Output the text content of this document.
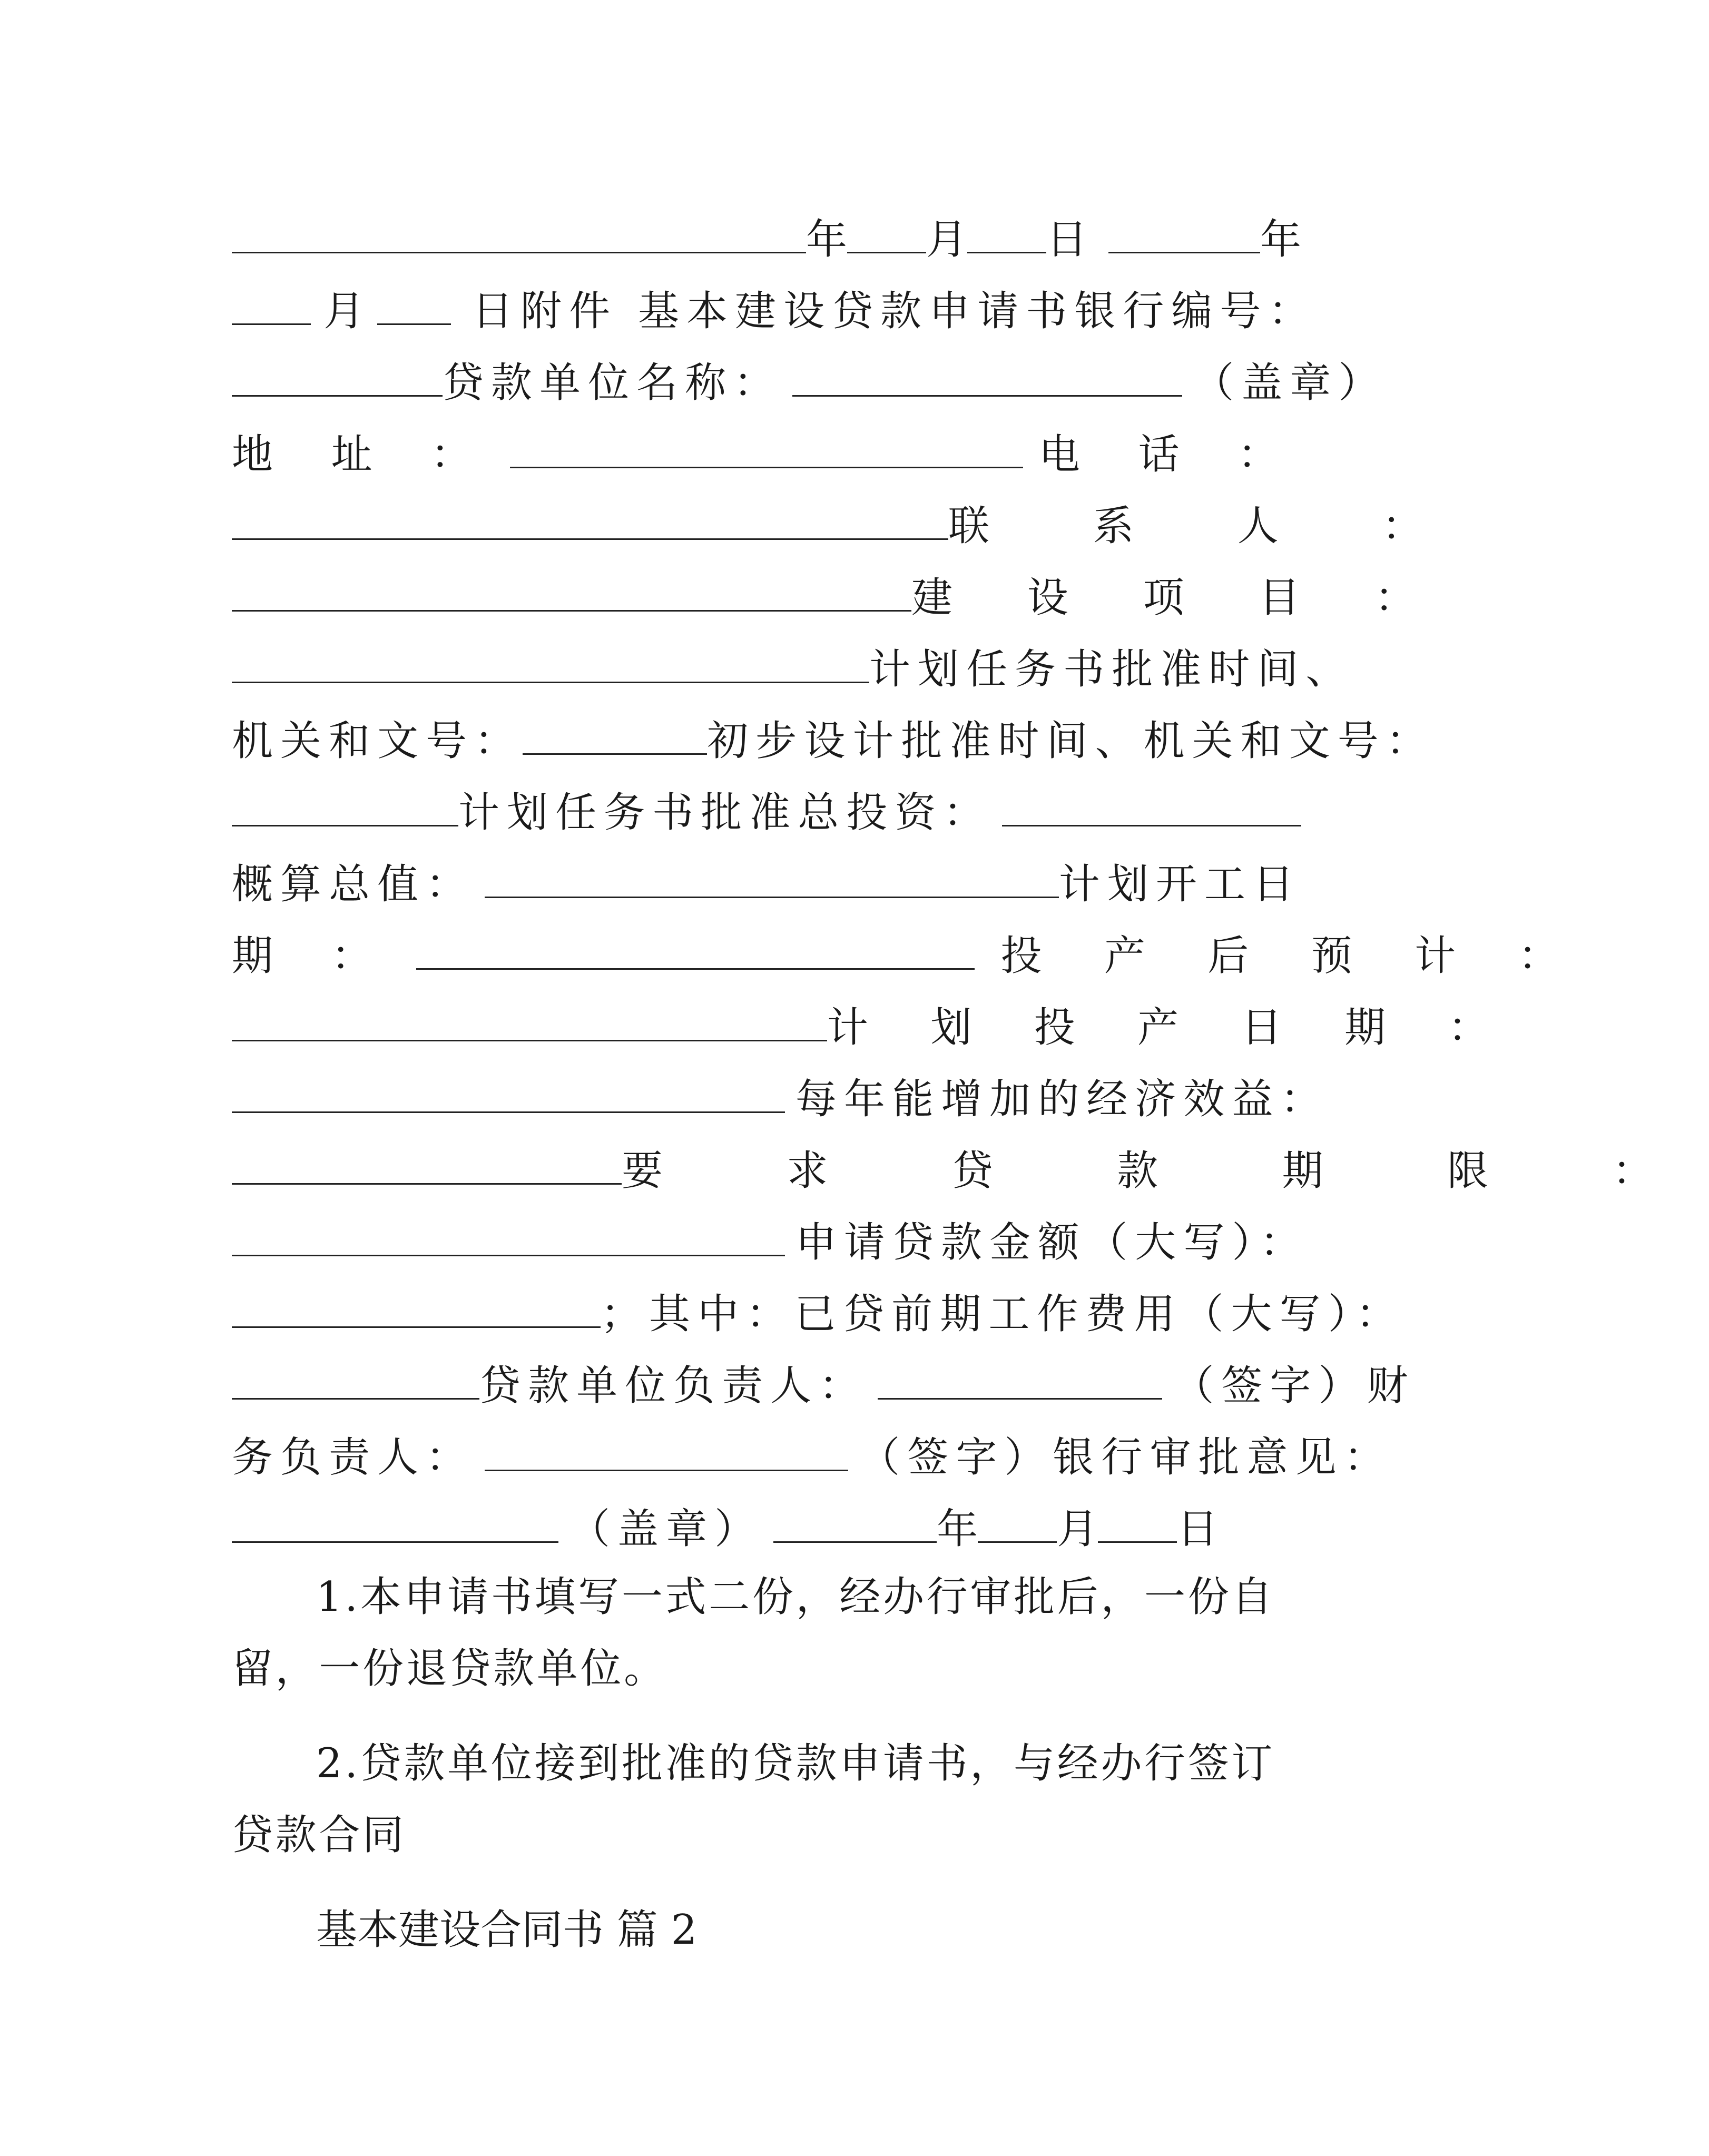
年 月 日	年
月	日附件 基本建设贷款申请书银行编号：
贷款单位名称：	（盖章）
地 址 ：	电 话 ：
联 系 人 ：
建 设 项 目 ：
计划任务书批准时间、
机关和文号：	初步设计批准时间、机关和文号：
计划任务书批准总投资：
概算总值：	计划开工日
期 ：	投 产 后 预 计 ：
计 划 投 产 日 期 ：
每年能增加的经济效益：
要 求 贷 款 期 限 ：
申请贷款金额（大写）：
；其中：已贷前期工作费用（大写）：
贷款单位负责人：	（签字）财
务负责人：	（签字）银行审批意见：
（盖章）	年 月 日

1.本申请书填写一式二份，经办行审批后，一份自留，一份退贷款单位。

2.贷款单位接到批准的贷款申请书，与经办行签订贷款合同

基本建设合同书 篇 2
